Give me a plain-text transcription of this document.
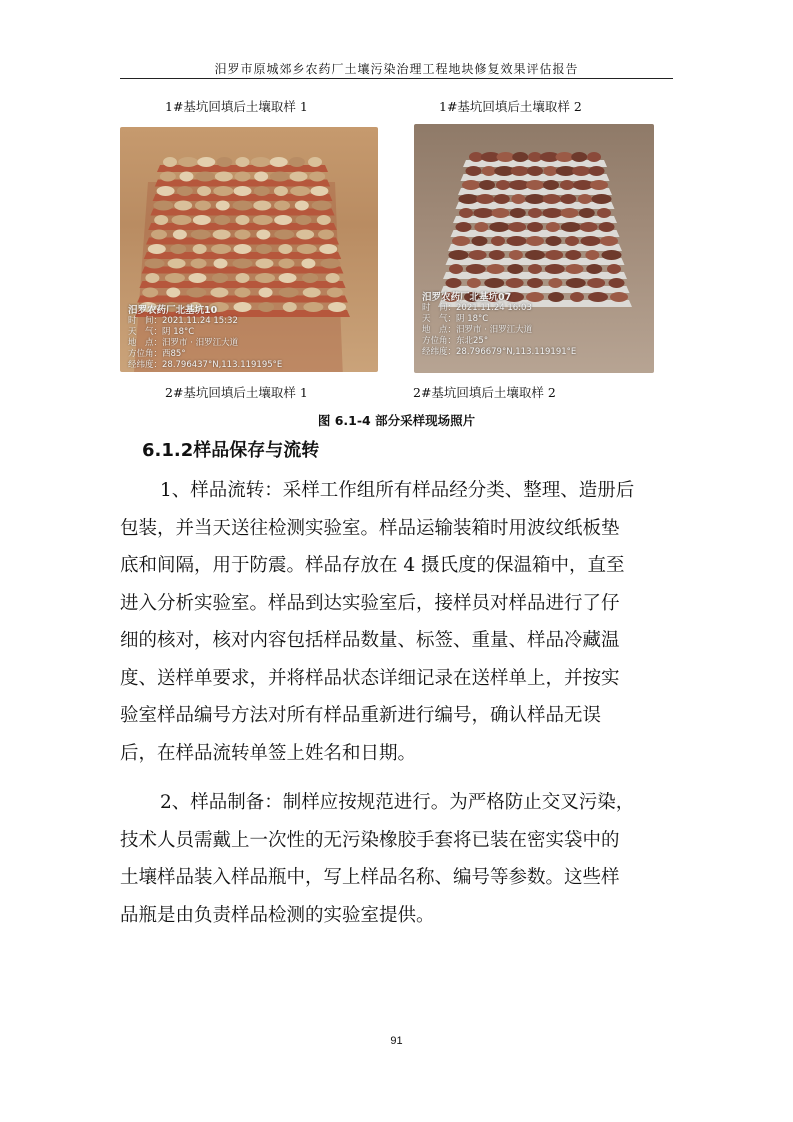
汨罗市原城郊乡农药厂土壤污染治理工程地块修复效果评估报告
1#基坑回填后土壤取样 1	1#基坑回填后土壤取样 2
汨罗农药厂北基坑10
时　间：2021.11.24 15:32
天　气：阴 18°C
地　点：汨罗市 · 汨罗江大道
方位角：西85°
经纬度：28.796437°N,113.119195°E
汨罗农药厂北基坑07
时　间：2021.11.24 16:03
天　气：阴 18°C
地　点：汨罗市 · 汨罗江大道
方位角：东北25°
经纬度：28.796679°N,113.119191°E
2#基坑回填后土壤取样 1	2#基坑回填后土壤取样 2
图 6.1-4 部分采样现场照片
6.1.2样品保存与流转
1、样品流转：采样工作组所有样品经分类、整理、造册后
包装，并当天送往检测实验室。样品运输装箱时用波纹纸板垫
底和间隔，用于防震。样品存放在 4 摄氏度的保温箱中，直至
进入分析实验室。样品到达实验室后，接样员对样品进行了仔
细的核对，核对内容包括样品数量、标签、重量、样品冷藏温
度、送样单要求，并将样品状态详细记录在送样单上，并按实
验室样品编号方法对所有样品重新进行编号，确认样品无误
后，在样品流转单签上姓名和日期。
2、样品制备：制样应按规范进行。为严格防止交叉污染，
技术人员需戴上一次性的无污染橡胶手套将已装在密实袋中的
土壤样品装入样品瓶中，写上样品名称、编号等参数。这些样
品瓶是由负责样品检测的实验室提供。
91
